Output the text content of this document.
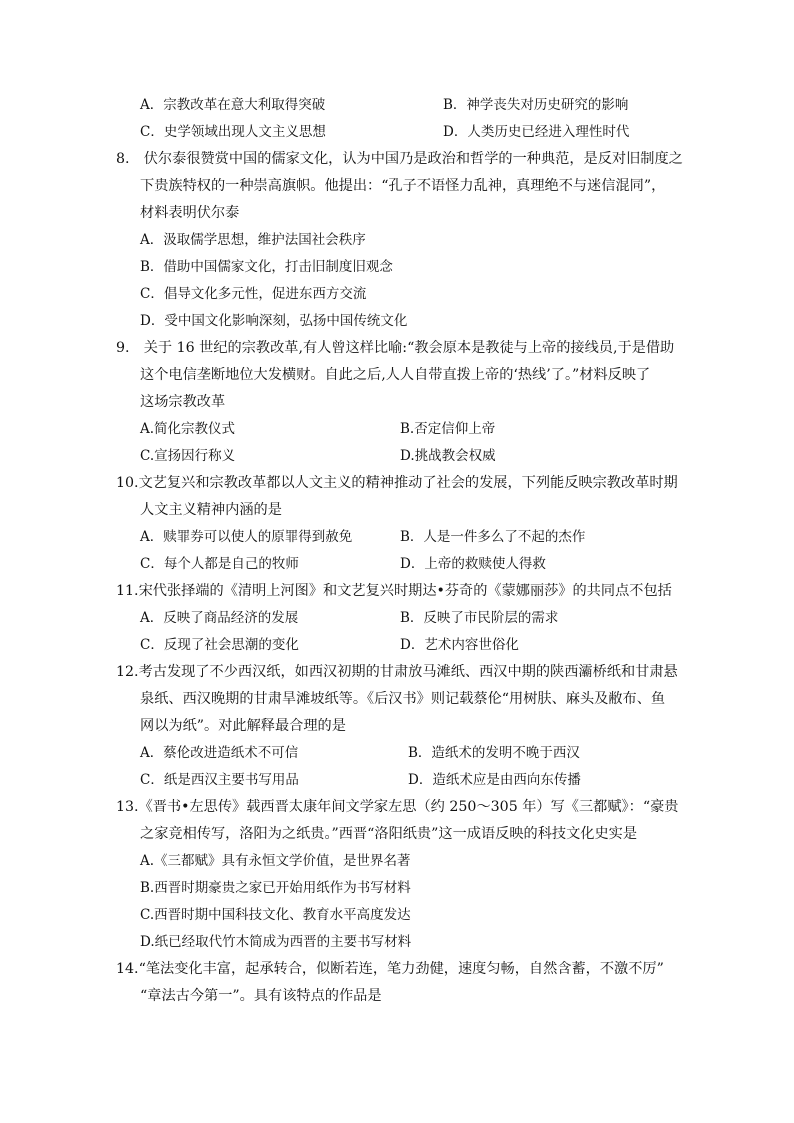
A．宗教改革在意大利取得突破	B．神学丧失对历史研究的影响
C．史学领域出现人文主义思想	D．人类历史已经进入理性时代
8.　伏尔泰很赞赏中国的儒家文化，认为中国乃是政治和哲学的一种典范，是反对旧制度之
下贵族特权的一种崇高旗帜。他提出：“孔子不语怪力乱神，真理绝不与迷信混同”，
材料表明伏尔泰
A．汲取儒学思想，维护法国社会秩序
B．借助中国儒家文化，打击旧制度旧观念
C．倡导文化多元性，促进东西方交流
D．受中国文化影响深刻，弘扬中国传统文化
9.　关于 16 世纪的宗教改革,有人曾这样比喻:“教会原本是教徒与上帝的接线员,于是借助
这个电信垄断地位大发横财。自此之后,人人自带直拨上帝的‘热线’了。”材料反映了
这场宗教改革
A.简化宗教仪式	B.否定信仰上帝
C.宣扬因行称义	D.挑战教会权威
10.文艺复兴和宗教改革都以人文主义的精神推动了社会的发展，下列能反映宗教改革时期
人文主义精神内涵的是
A．赎罪券可以使人的原罪得到赦免	B．人是一件多么了不起的杰作
C．每个人都是自己的牧师	D．上帝的救赎使人得救
11.宋代张择端的《清明上河图》和文艺复兴时期达•芬奇的《蒙娜丽莎》的共同点不包括
A．反映了商品经济的发展	B．反映了市民阶层的需求
C．反现了社会思潮的变化	D．艺术内容世俗化
12.考古发现了不少西汉纸，如西汉初期的甘肃放马滩纸、西汉中期的陕西灞桥纸和甘肃悬
泉纸、西汉晚期的甘肃旱滩坡纸等。《后汉书》则记载蔡伦“用树肤、麻头及敝布、鱼
网以为纸”。对此解释最合理的是
A．蔡伦改进造纸术不可信	B．造纸术的发明不晚于西汉
C．纸是西汉主要书写用品	D．造纸术应是由西向东传播
13.《晋书•左思传》载西晋太康年间文学家左思（约 250～305 年）写《三都赋》：“豪贵
之家竞相传写，洛阳为之纸贵。”西晋“洛阳纸贵”这一成语反映的科技文化史实是
A.《三都赋》具有永恒文学价值，是世界名著
B.西晋时期豪贵之家已开始用纸作为书写材料
C.西晋时期中国科技文化、教育水平高度发达
D.纸已经取代竹木简成为西晋的主要书写材料
14.“笔法变化丰富，起承转合，似断若连，笔力劲健，速度匀畅，自然含蓄，不激不厉”
“章法古今第一”。具有该特点的作品是
